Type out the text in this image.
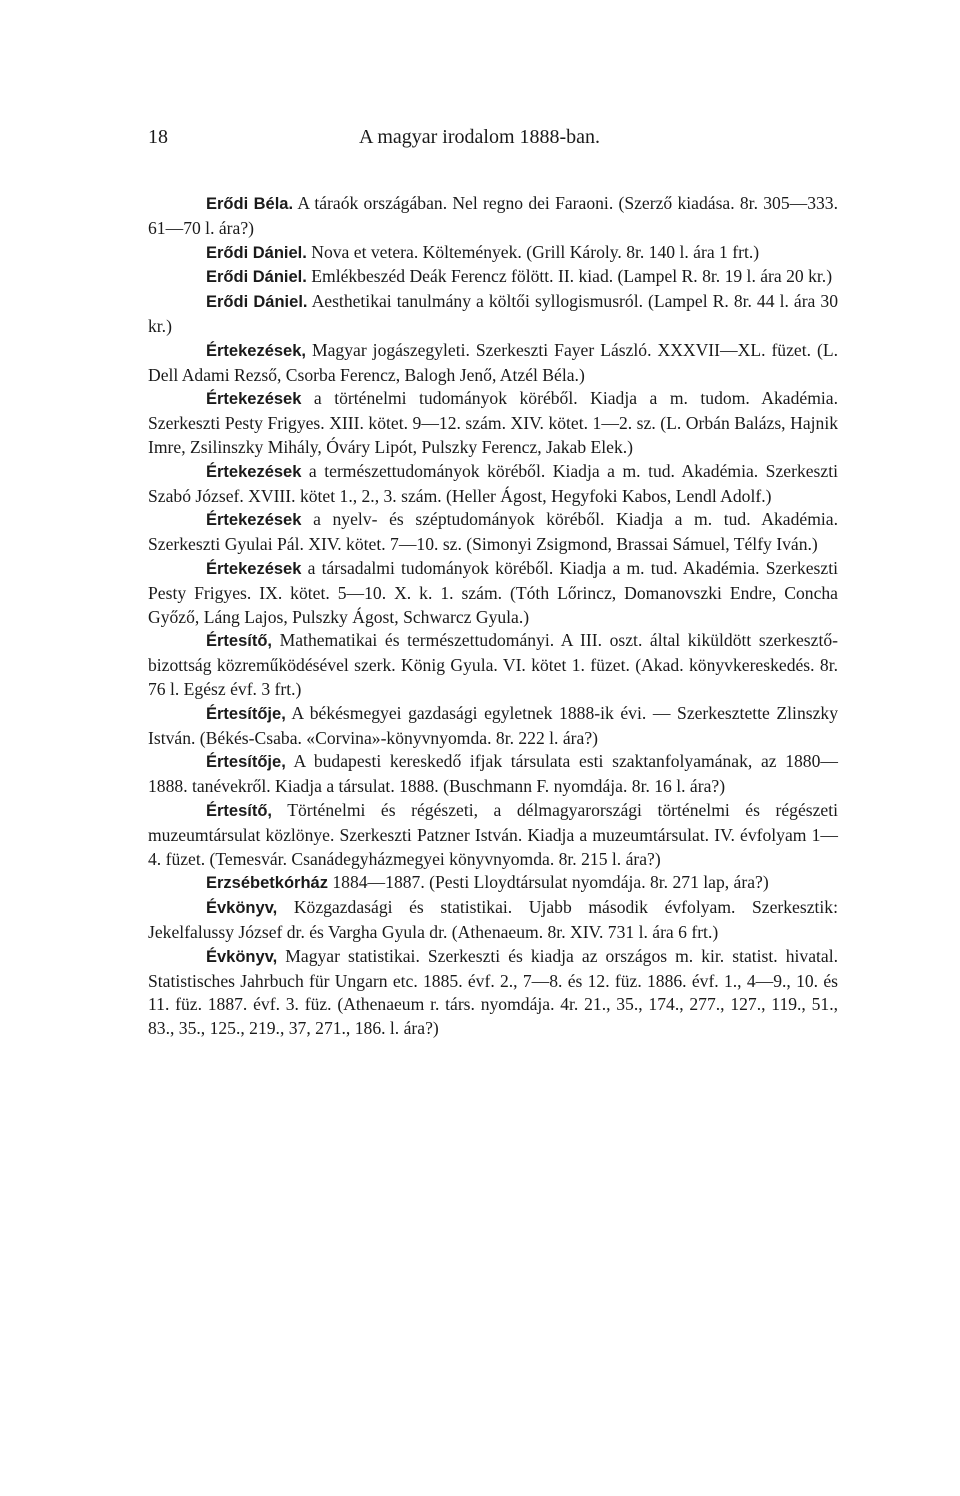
18	A magyar irodalom 1888-ban.

Erődi Béla. A tárаók országában. Nel regno dei Faraoni. (Szerző kiadása. 8r. 305—333. 61—70 l. ára?)

Erődi Dániel. Nova et vetera. Költemények. (Grill Károly. 8r. 140 l. ára 1 frt.)

Erődi Dániel. Emlékbeszéd Deák Ferencz fölött. II. kiad. (Lampel R. 8r. 19 l. ára 20 kr.)

Erődi Dániel. Aesthetikai tanulmány a költői syllogismusról. (Lampel R. 8r. 44 l. ára 30 kr.)

Értekezések, Magyar jogászegyleti. Szerkeszti Fayer László. XXXVII—XL. füzet. (L. Dell Adami Rezső, Csorba Ferencz, Balogh Jenő, Atzél Béla.)

Értekezések a történelmi tudományok köréből. Kiadja a m. tudom. Akadémia. Szerkeszti Pesty Frigyes. XIII. kötet. 9—12. szám. XIV. kötet. 1—2. sz. (L. Orbán Balázs, Hajnik Imre, Zsilinszky Mihály, Óváry Lipót, Pulszky Ferencz, Jakab Elek.)

Értekezések a természettudományok köréből. Kiadja a m. tud. Akadémia. Szerkeszti Szabó József. XVIII. kötet 1., 2., 3. szám. (Heller Ágost, Hegyfoki Kabos, Lendl Adolf.)

Értekezések a nyelv- és széptudományok köréből. Kiadja a m. tud. Akadémia. Szerkeszti Gyulai Pál. XIV. kötet. 7—10. sz. (Simonyi Zsigmond, Brassai Sámuel, Télfy Iván.)

Értekezések a társadalmi tudományok köréből. Kiadja a m. tud. Akadémia. Szerkeszti Pesty Frigyes. IX. kötet. 5—10. X. k. 1. szám. (Tóth Lőrincz, Domanovszki Endre, Concha Győző, Láng Lajos, Pulszky Ágost, Schwarcz Gyula.)

Értesítő, Mathematikai és természettudományi. A III. oszt. által kiküldött szerkesztő-bizottság közreműködésével szerk. König Gyula. VI. kötet 1. füzet. (Akad. könyvkereskedés. 8r. 76 l. Egész évf. 3 frt.)

Értesítője, A békésmegyei gazdasági egyletnek 1888-ik évi. — Szerkesztette Zlinszky István. (Békés-Csaba. «Corvina»-könyvnyomda. 8r. 222 l. ára?)

Értesítője, A budapesti kereskedő ifjak társulata esti szaktanfolyamának, az 1880—1888. tanévekről. Kiadja a társulat. 1888. (Buschmann F. nyomdája. 8r. 16 l. ára?)

Értesítő, Történelmi és régészeti, a délmagyarországi történelmi és régészeti muzeumtársulat közlönye. Szerkeszti Patzner István. Kiadja a muzeumtársulat. IV. évfolyam 1—4. füzet. (Temesvár. Csanádegyházmegyei könyvnyomda. 8r. 215 l. ára?)

Erzsébetkórház 1884—1887. (Pesti Lloydtársulat nyomdája. 8r. 271 lap, ára?)

Évkönyv, Közgazdasági és statistikai. Ujabb második évfolyam. Szerkesztik: Jekelfalussy József dr. és Vargha Gyula dr. (Athenaeum. 8r. XIV. 731 l. ára 6 frt.)

Évkönyv, Magyar statistikai. Szerkeszti és kiadja az országos m. kir. statist. hivatal. Statistisches Jahrbuch für Ungarn etc. 1885. évf. 2., 7—8. és 12. füz. 1886. évf. 1., 4—9., 10. és 11. füz. 1887. évf. 3. füz. (Athenaeum r. társ. nyomdája. 4r. 21., 35., 174., 277., 127., 119., 51., 83., 35., 125., 219., 37, 271., 186. l. ára?)
